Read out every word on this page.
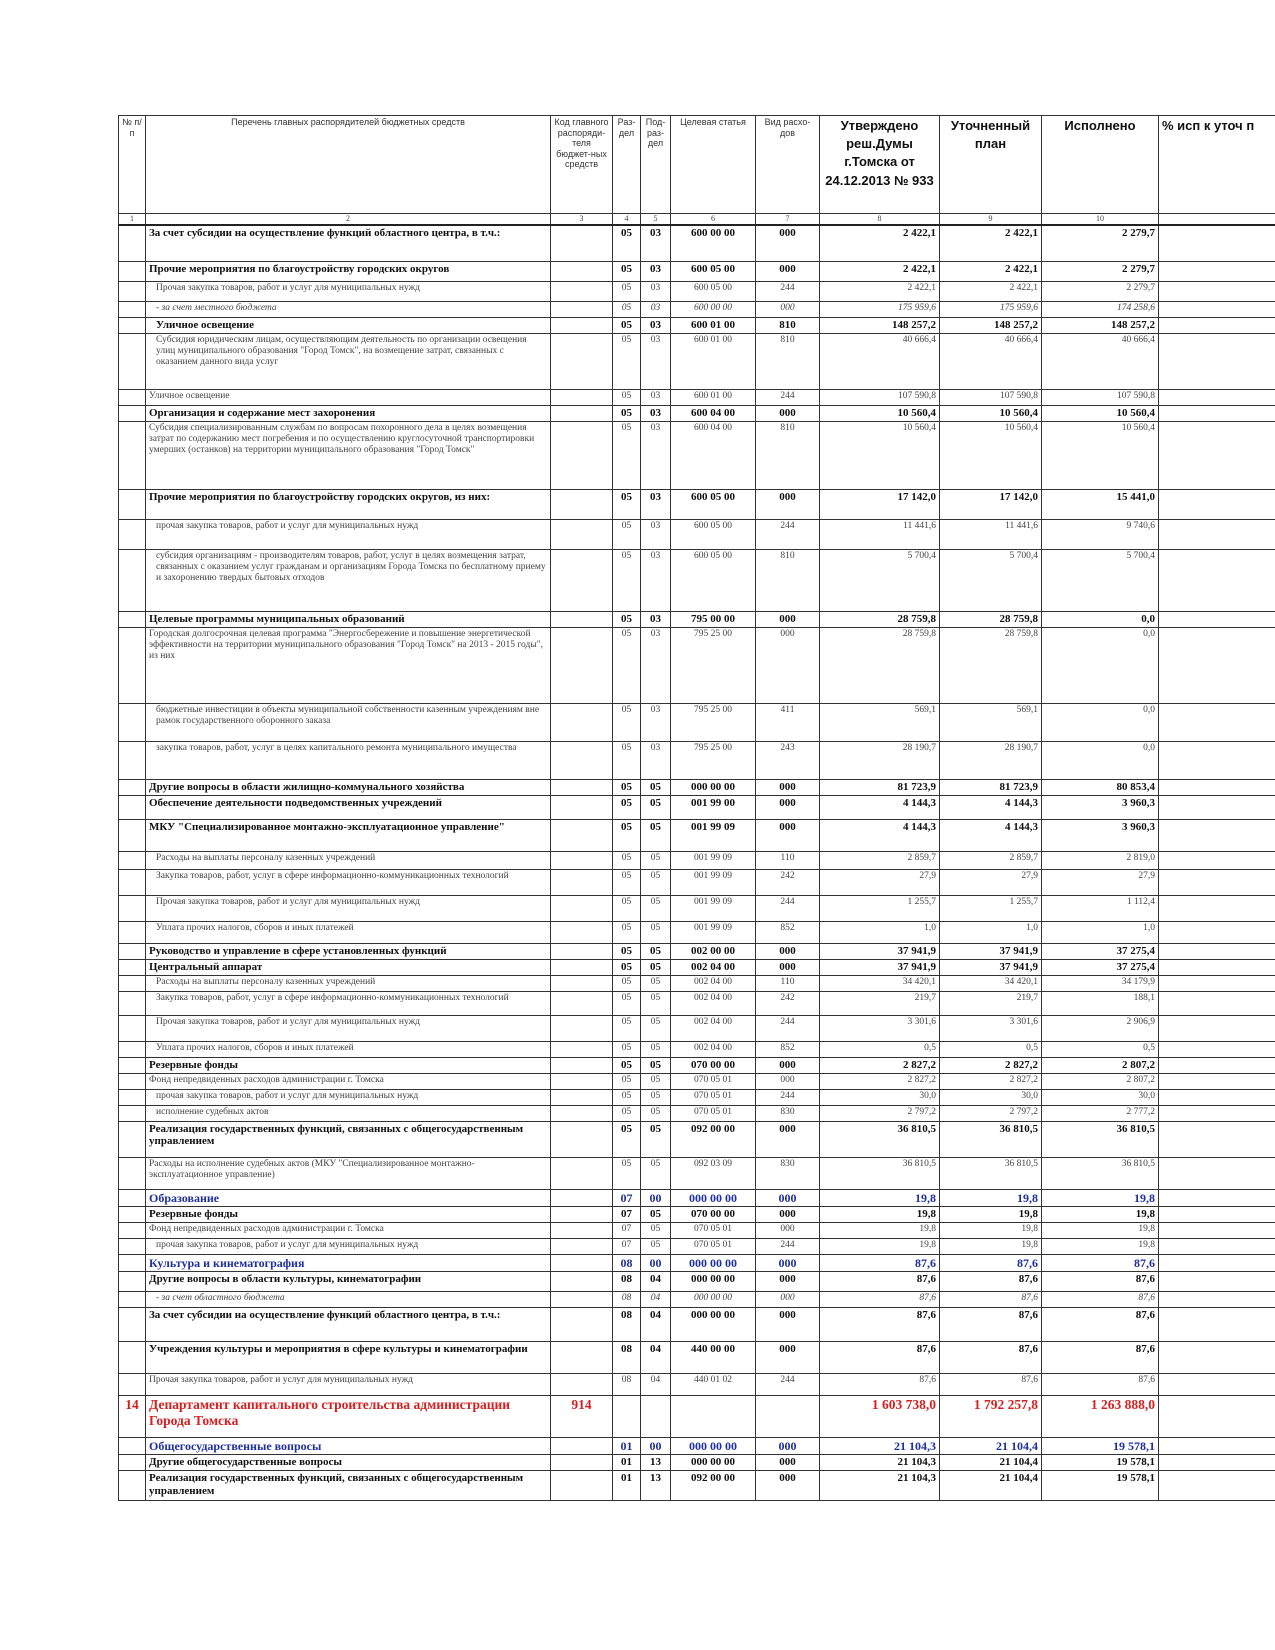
№ п/п	Перечень главных распорядителей бюджетных средств	Код главного распоряди-теля бюджет-ных средств	Раз-дел	Под-раз-дел	Целевая статья	Вид расхо-дов	Утверждено реш.Думы г.Томска от 24.12.2013 № 933	Уточненный план	Исполнено	% исп к уточ п
1	2	3	4	5	6	7	8	9	10	
	За счет субсидии на осуществление функций областного центра, в т.ч.:		05	03	600 00 00	000	2 422,1	2 422,1	2 279,7	
	Прочие мероприятия по благоустройству городских округов		05	03	600 05 00	000	2 422,1	2 422,1	2 279,7	
	Прочая закупка товаров, работ и услуг для муниципальных нужд		05	03	600 05 00	244	2 422,1	2 422,1	2 279,7	
	- за счет местного бюджета		05	03	600 00 00	000	175 959,6	175 959,6	174 258,6	
	Уличное освещение		05	03	600 01 00	810	148 257,2	148 257,2	148 257,2	
	Субсидия юридическим лицам, осуществляющим деятельность по организации освещения улиц муниципального образования "Город Томск", на возмещение затрат, связанных с оказанием данного вида услуг		05	03	600 01 00	810	40 666,4	40 666,4	40 666,4	
	Уличное освещение		05	03	600 01 00	244	107 590,8	107 590,8	107 590,8	
	Организация и содержание мест захоронения		05	03	600 04 00	000	10 560,4	10 560,4	10 560,4	
	Субсидия специализированным службам по вопросам похоронного дела в целях возмещения затрат по содержанию мест погребения и по осуществлению круглосуточной транспортировки умерших (останков) на территории муниципального образования "Город Томск"		05	03	600 04 00	810	10 560,4	10 560,4	10 560,4	
	Прочие мероприятия по благоустройству городских округов, из них:		05	03	600 05 00	000	17 142,0	17 142,0	15 441,0	
	прочая закупка товаров, работ и услуг для муниципальных нужд		05	03	600 05 00	244	11 441,6	11 441,6	9 740,6	
	субсидия организациям - производителям товаров, работ, услуг в целях возмещения затрат, связанных с оказанием услуг гражданам и организациям Города Томска по бесплатному приему и захоронению твердых бытовых отходов		05	03	600 05 00	810	5 700,4	5 700,4	5 700,4	
	Целевые программы муниципальных образований		05	03	795 00 00	000	28 759,8	28 759,8	0,0	
	Городская долгосрочная целевая программа "Энергосбережение и повышение энергетической эффективности на территории муниципального образования "Город Томск" на 2013 - 2015 годы", из них		05	03	795 25 00	000	28 759,8	28 759,8	0,0	
	бюджетные инвестиции в объекты муниципальной собственности казенным учреждениям вне рамок государственного оборонного заказа		05	03	795 25 00	411	569,1	569,1	0,0	
	закупка товаров, работ, услуг в целях капитального ремонта муниципального имущества		05	03	795 25 00	243	28 190,7	28 190,7	0,0	
	Другие вопросы в области жилищно-коммунального хозяйства		05	05	000 00 00	000	81 723,9	81 723,9	80 853,4	
	Обеспечение деятельности подведомственных учреждений		05	05	001 99 00	000	4 144,3	4 144,3	3 960,3	
	МКУ "Специализированное монтажно-эксплуатационное управление"		05	05	001 99 09	000	4 144,3	4 144,3	3 960,3	
	Расходы на выплаты персоналу казенных учреждений		05	05	001 99 09	110	2 859,7	2 859,7	2 819,0	
	Закупка товаров, работ, услуг в сфере информационно-коммуникационных технологий		05	05	001 99 09	242	27,9	27,9	27,9	
	Прочая закупка товаров, работ и услуг для муниципальных нужд		05	05	001 99 09	244	1 255,7	1 255,7	1 112,4	
	Уплата прочих налогов, сборов и иных платежей		05	05	001 99 09	852	1,0	1,0	1,0	
	Руководство и управление в сфере установленных функций		05	05	002 00 00	000	37 941,9	37 941,9	37 275,4	
	Центральный аппарат		05	05	002 04 00	000	37 941,9	37 941,9	37 275,4	
	Расходы на выплаты персоналу казенных учреждений		05	05	002 04 00	110	34 420,1	34 420,1	34 179,9	
	Закупка товаров, работ, услуг в сфере информационно-коммуникационных технологий		05	05	002 04 00	242	219,7	219,7	188,1	
	Прочая закупка товаров, работ и услуг для муниципальных нужд		05	05	002 04 00	244	3 301,6	3 301,6	2 906,9	
	Уплата прочих налогов, сборов и иных платежей		05	05	002 04 00	852	0,5	0,5	0,5	
	Резервные фонды		05	05	070 00 00	000	2 827,2	2 827,2	2 807,2	
	Фонд непредвиденных расходов администрации г. Томска		05	05	070 05 01	000	2 827,2	2 827,2	2 807,2	
	прочая закупка товаров, работ и услуг для муниципальных нужд		05	05	070 05 01	244	30,0	30,0	30,0	
	исполнение судебных актов		05	05	070 05 01	830	2 797,2	2 797,2	2 777,2	
	Реализация государственных функций, связанных с общегосударственным управлением		05	05	092 00 00	000	36 810,5	36 810,5	36 810,5	
	Расходы на исполнение судебных актов (МКУ "Специализированное монтажно-эксплуатационное управление)		05	05	092 03 09	830	36 810,5	36 810,5	36 810,5	
	Образование		07	00	000 00 00	000	19,8	19,8	19,8	
	Резервные фонды		07	05	070 00 00	000	19,8	19,8	19,8	
	Фонд непредвиденных расходов администрации г. Томска		07	05	070 05 01	000	19,8	19,8	19,8	
	прочая закупка товаров, работ и услуг для муниципальных нужд		07	05	070 05 01	244	19,8	19,8	19,8	
	Культура и кинематография		08	00	000 00 00	000	87,6	87,6	87,6	
	Другие вопросы в области культуры, кинематографии		08	04	000 00 00	000	87,6	87,6	87,6	
	- за счет областного бюджета		08	04	000 00 00	000	87,6	87,6	87,6	
	За счет субсидии на осуществление функций областного центра, в т.ч.:		08	04	000 00 00	000	87,6	87,6	87,6	
	Учреждения культуры и мероприятия в сфере культуры и кинематографии		08	04	440 00 00	000	87,6	87,6	87,6	
	Прочая закупка товаров, работ и услуг для муниципальных нужд		08	04	440 01 02	244	87,6	87,6	87,6	
14	Департамент капитального строительства администрации Города Томска	914					1 603 738,0	1 792 257,8	1 263 888,0	
	Общегосударственные вопросы		01	00	000 00 00	000	21 104,3	21 104,4	19 578,1	
	Другие общегосударственные вопросы		01	13	000 00 00	000	21 104,3	21 104,4	19 578,1	
	Реализация государственных функций, связанных с общегосударственным управлением		01	13	092 00 00	000	21 104,3	21 104,4	19 578,1	
